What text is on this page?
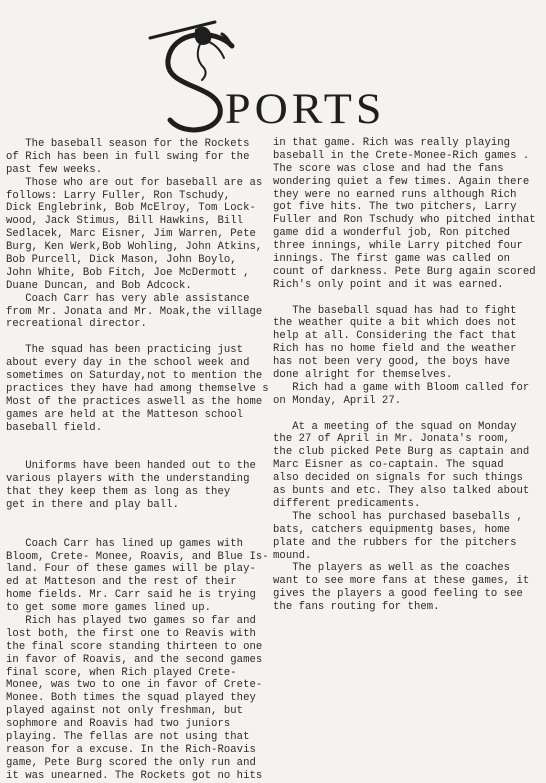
PORTS
The baseball season for the Rockets
of Rich has been in full swing for the
past few weeks.
Those who are out for baseball are as
follows: Larry Fuller, Ron Tschudy,
Dick Englebrink, Bob McElroy, Tom Lock-
wood, Jack Stimus, Bill Hawkins, Bill
Sedlacek, Marc Eisner, Jim Warren, Pete
Burg, Ken Werk,Bob Wohling, John Atkins,
Bob Purcell, Dick Mason, John Boylo,
John White, Bob Fitch, Joe McDermott ,
Duane Duncan, and Bob Adcock.
Coach Carr has very able assistance
from Mr. Jonata and Mr. Moak,the village
recreational director.
The squad has been practicing just
about every day in the school week and
sometimes on Saturday,not to mention the
practices they have had among themselve s
Most of the practices aswell as the home
games are held at the Matteson school
baseball field.
Uniforms have been handed out to the
various players with the understanding
that they keep them as long as they
get in there and play ball.
Coach Carr has lined up games with
Bloom, Crete- Monee, Roavis, and Blue Is-
land. Four of these games will be play-
ed at Matteson and the rest of their
home fields. Mr. Carr said he is trying
to get some more games lined up.
Rich has played two games so far and
lost both, the first one to Reavis with
the final score standing thirteen to one
in favor of Roavis, and the second games
final score, when Rich played Crete-
Monee, was two to one in favor of Crete-
Monee. Both times the squad played they
played against not only freshman, but
sophmore and Roavis had two juniors
playing. The fellas are not using that
reason for a excuse. In the Rich-Roavis
game, Pete Burg scored the only run and
it was unearned. The Rockets got no hits
in that game. Rich was really playing
baseball in the Crete-Monee-Rich games .
The score was close and had the fans
wondering quiet a few times. Again there
they were no earned runs although Rich
got five hits. The two pitchers, Larry
Fuller and Ron Tschudy who pitched inthat
game did a wonderful job, Ron pitched
three innings, while Larry pitched four
innings. The first game was called on
count of darkness. Pete Burg again scored
Rich's only point and it was earned.
The baseball squad has had to fight
the weather quite a bit which does not
help at all. Considering the fact that
Rich has no home field and the weather
has not been very good, the boys have
done alright for themselves.
Rich had a game with Bloom called for
on Monday, April 27.
At a meeting of the squad on Monday
the 27 of April in Mr. Jonata's room,
the club picked Pete Burg as captain and
Marc Eisner as co-captain. The squad
also decided on signals for such things
as bunts and etc. They also talked about
different predicaments.
The school has purchased baseballs ,
bats, catchers equipmentg bases, home
plate and the rubbers for the pitchers
mound.
The players as well as the coaches
want to see more fans at these games, it
gives the players a good feeling to see
the fans routing for them.
